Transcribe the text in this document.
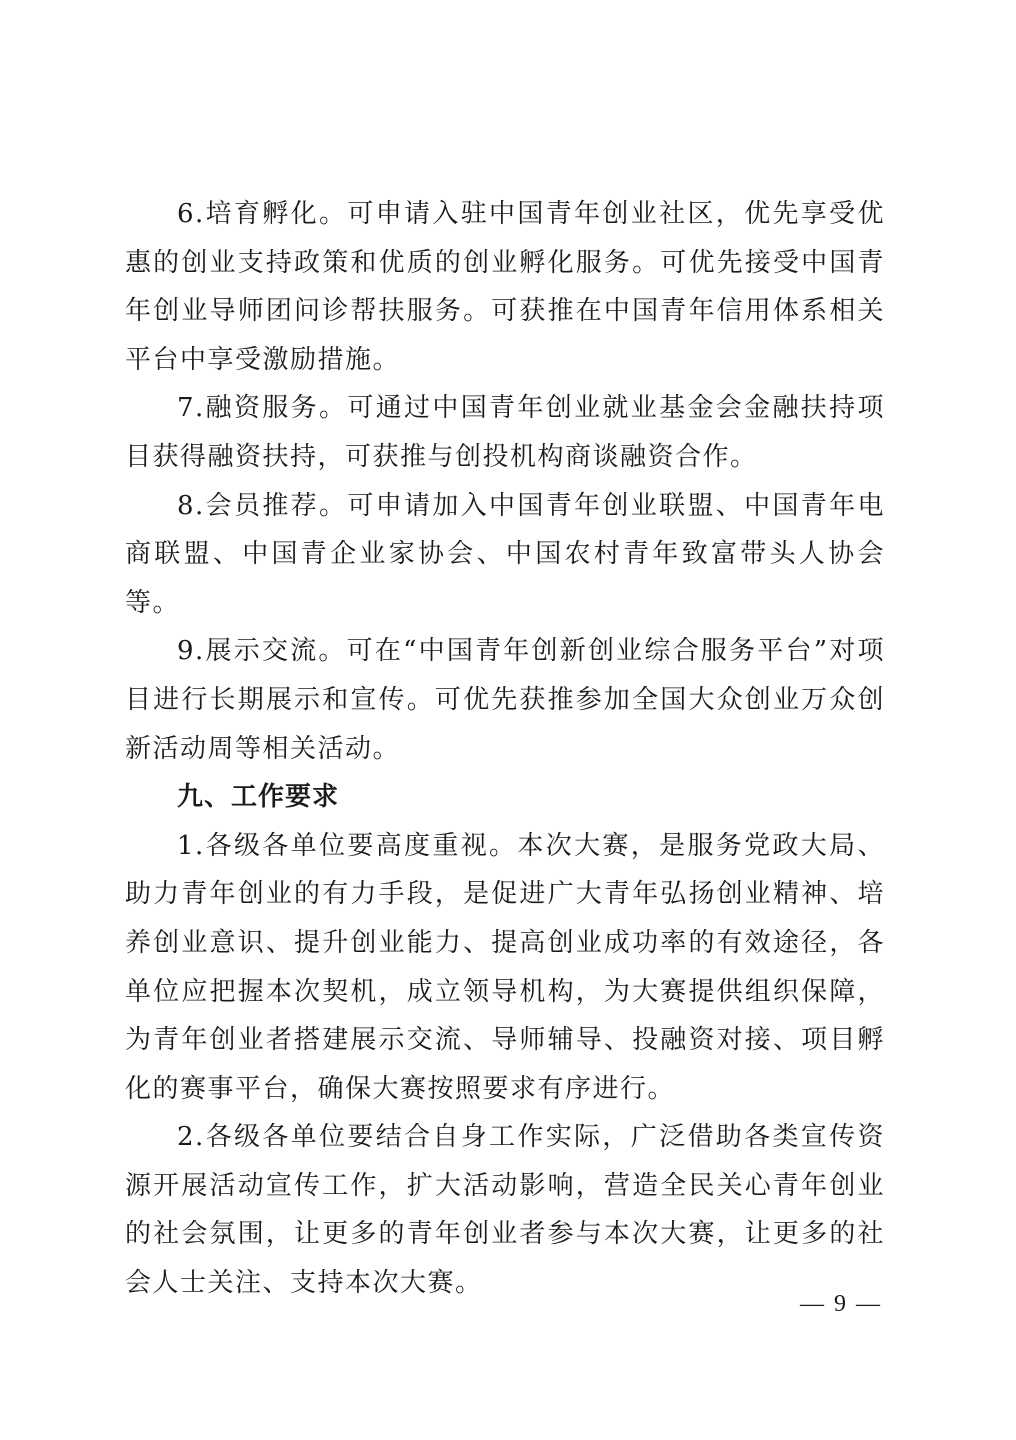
6.培育孵化。可申请入驻中国青年创业社区，优先享受优惠的创业支持政策和优质的创业孵化服务。可优先接受中国青年创业导师团问诊帮扶服务。可获推在中国青年信用体系相关平台中享受激励措施。

7.融资服务。可通过中国青年创业就业基金会金融扶持项目获得融资扶持，可获推与创投机构商谈融资合作。

8.会员推荐。可申请加入中国青年创业联盟、中国青年电商联盟、中国青企业家协会、中国农村青年致富带头人协会等。

9.展示交流。可在“中国青年创新创业综合服务平台”对项目进行长期展示和宣传。可优先获推参加全国大众创业万众创新活动周等相关活动。

九、工作要求

1.各级各单位要高度重视。本次大赛，是服务党政大局、助力青年创业的有力手段，是促进广大青年弘扬创业精神、培养创业意识、提升创业能力、提高创业成功率的有效途径，各单位应把握本次契机，成立领导机构，为大赛提供组织保障，为青年创业者搭建展示交流、导师辅导、投融资对接、项目孵化的赛事平台，确保大赛按照要求有序进行。

2.各级各单位要结合自身工作实际，广泛借助各类宣传资源开展活动宣传工作，扩大活动影响，营造全民关心青年创业的社会氛围，让更多的青年创业者参与本次大赛，让更多的社会人士关注、支持本次大赛。

— 9 —
